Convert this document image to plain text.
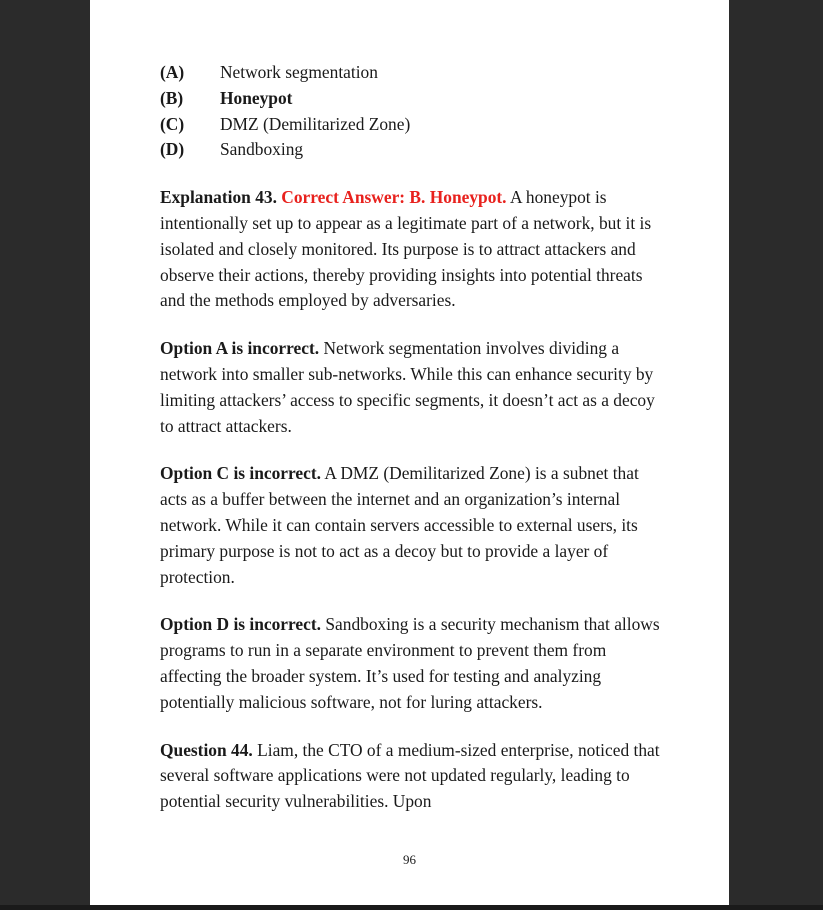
(A)	Network segmentation
(B)	Honeypot
(C)	DMZ (Demilitarized Zone)
(D)	Sandboxing

Explanation 43. Correct Answer: B. Honeypot. A honeypot is intentionally set up to appear as a legitimate part of a network, but it is isolated and closely monitored. Its purpose is to attract attackers and observe their actions, thereby providing insights into potential threats and the methods employed by adversaries.

Option A is incorrect. Network segmentation involves dividing a network into smaller sub-networks. While this can enhance security by limiting attackers’ access to specific segments, it doesn’t act as a decoy to attract attackers.

Option C is incorrect. A DMZ (Demilitarized Zone) is a subnet that acts as a buffer between the internet and an organization’s internal network. While it can contain servers accessible to external users, its primary purpose is not to act as a decoy but to provide a layer of protection.

Option D is incorrect. Sandboxing is a security mechanism that allows programs to run in a separate environment to prevent them from affecting the broader system. It’s used for testing and analyzing potentially malicious software, not for luring attackers.

Question 44. Liam, the CTO of a medium-sized enterprise, noticed that several software applications were not updated regularly, leading to potential security vulnerabilities. Upon

96
